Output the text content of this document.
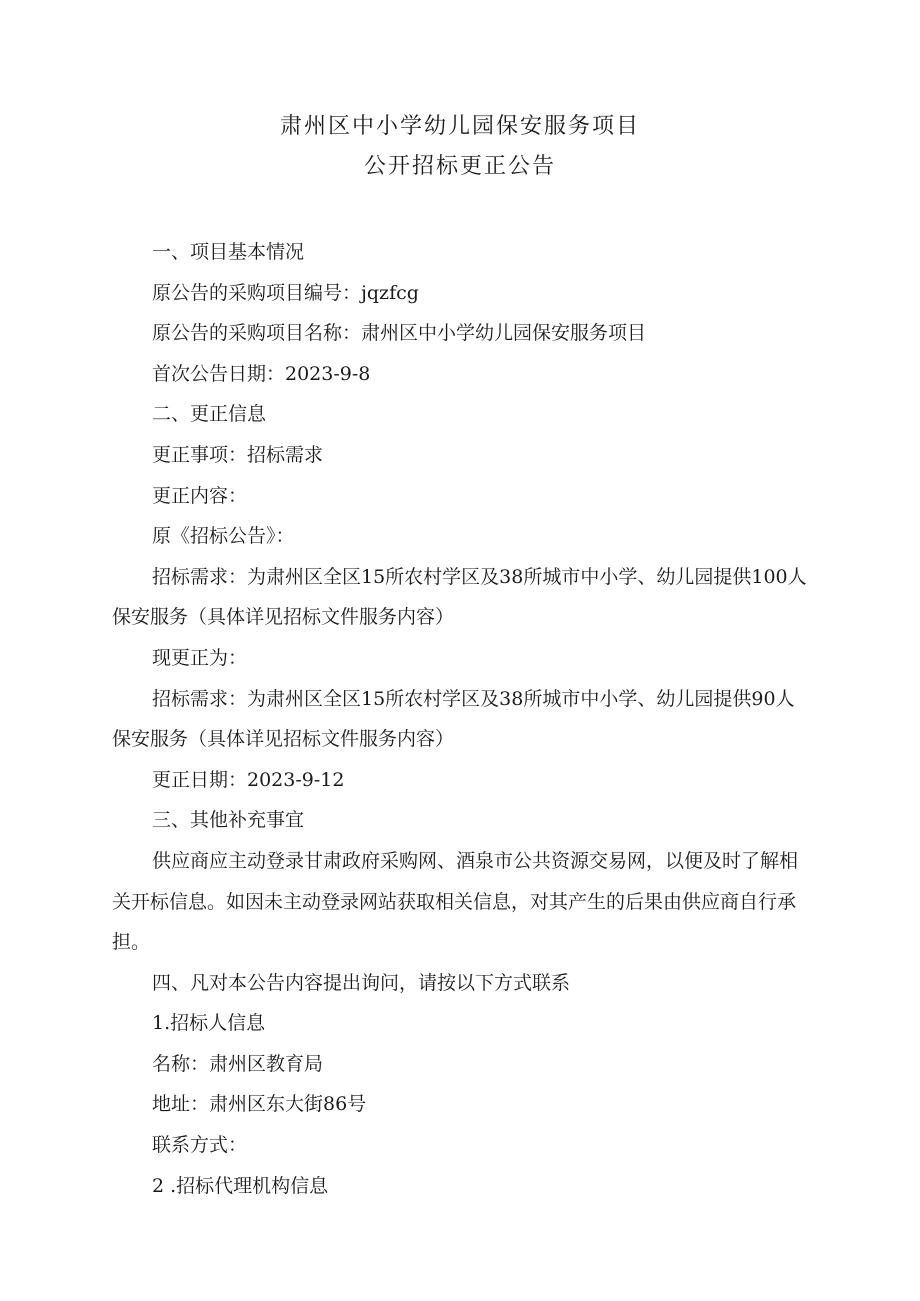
肃州区中小学幼儿园保安服务项目
公开招标更正公告

一、项目基本情况

原公告的采购项目编号：jqzfcg

原公告的采购项目名称：肃州区中小学幼儿园保安服务项目

首次公告日期：2023-9-8

二、更正信息

更正事项：招标需求

更正内容：

原《招标公告》：

招标需求：为肃州区全区15所农村学区及38所城市中小学、幼儿园提供100人保安服务（具体详见招标文件服务内容）

现更正为：

招标需求：为肃州区全区15所农村学区及38所城市中小学、幼儿园提供90人保安服务（具体详见招标文件服务内容）

更正日期：2023-9-12

三、其他补充事宜

供应商应主动登录甘肃政府采购网、酒泉市公共资源交易网，以便及时了解相关开标信息。如因未主动登录网站获取相关信息，对其产生的后果由供应商自行承担。

四、凡对本公告内容提出询问，请按以下方式联系

1.招标人信息

名称：肃州区教育局

地址：肃州区东大街86号

联系方式：

2 .招标代理机构信息
